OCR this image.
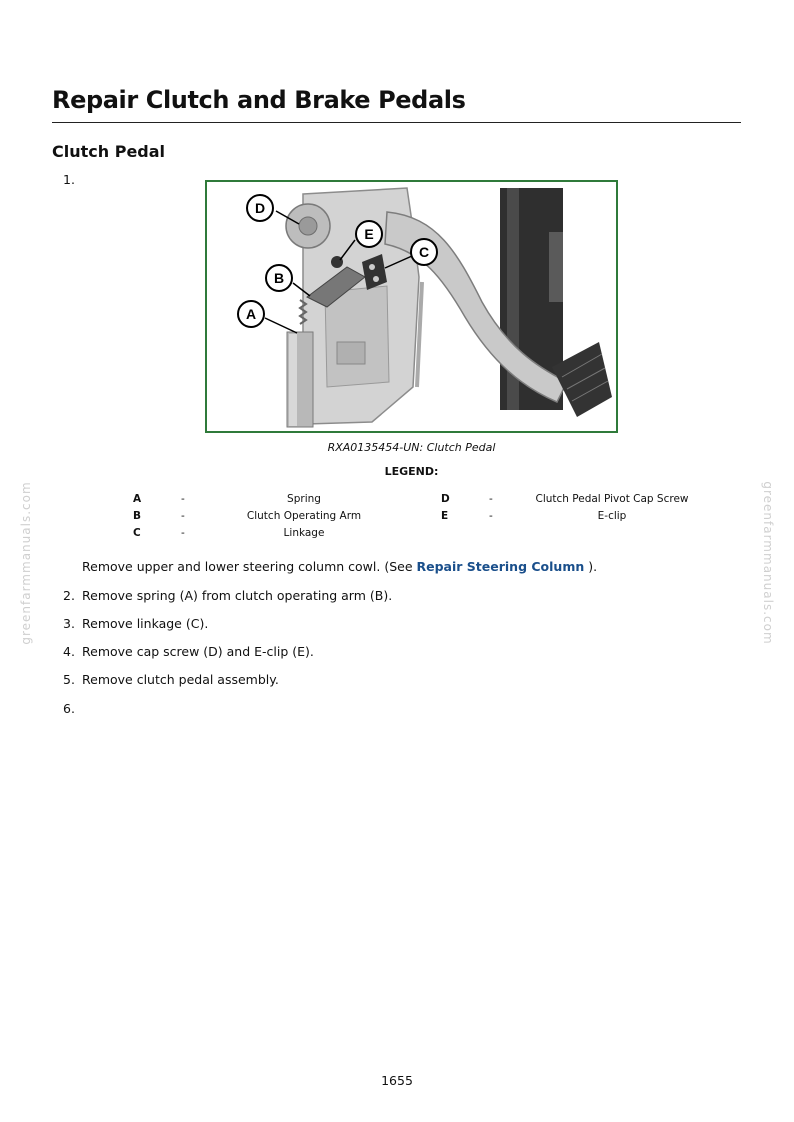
greenfarmmanuals.com	greenfarmmanuals.com
Repair Clutch and Brake Pedals
Clutch Pedal
1.
D
E
C
B
A
RXA0135454-UN: Clutch Pedal
LEGEND:
A	-	Spring
B	-	Clutch Operating Arm
C	-	Linkage
D	-	Clutch Pedal Pivot Cap Screw
E	-	E-clip
Remove upper and lower steering column cowl. (See Repair Steering Column ).
2. Remove spring (A) from clutch operating arm (B).
3. Remove linkage (C).
4. Remove cap screw (D) and E-clip (E).
5. Remove clutch pedal assembly.
6.
1655
